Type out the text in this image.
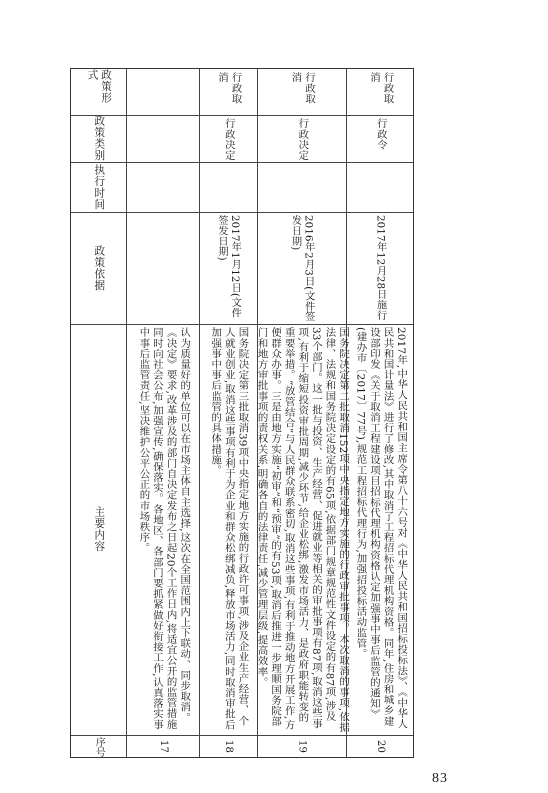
政策形式
政策类别
执行时间
政策依据
主要内容
序号
认为质量好的单位可以在市场主体自主选择,这次在全国范围内上下联动、同步取消。《决定》要求,改革涉及的部门自决定发布之日起20个工作日内,将适宜公开的监管措施同时向社会公布,加强宣传,确保落实。各地区、各部门要抓紧做好衔接工作,认真落实事中事后监管责任,坚决维护公平公正的市场秩序。
17
行政取消
行政决定
2017年1月12日(文件签发日期)
国务院决定第三批取消39项中央指定地方实施的行政许可事项,涉及企业生产经营、个人就业创业,取消这些事项有利于为企业和群众松绑减负,释放市场活力,同时取消审批后加强事中事后监管的具体措施。
18
行政取消
行政决定
2016年2月3日(文件签发日期)
国务院决定第二批取消152项中央指定地方实施的行政审批事项。本次取消的事项,依据法律、法规和国务院决定设定的有65项,依据部门规章规范性文件设定的有87项,涉及33个部门。这一批与投资、生产经营、促进就业等相关的审批事项有87项,取消这些事项,有利于缩短投资审批周期,减少环节,给企业松绑,激发市场活力、是政府职能转变的重要举措。“放管结合”与人民群众联系密切,取消这些事项,有利于推动地方开展工作,方便群众办事。三是由地方实施“初审”和“预审”的有53项,取消后推进一步理顺国务院部门和地方审批事项的责权关系,明确各自的法律责任,减少管理层级,提高效率。
19
行政取消
行政令
2017年12月28日施行
2017年,中华人民共和国主席令第八十六号对《中华人民共和国招标投标法》、《中华人民共和国计量法》进行了修改,其中取消了工程招标代理机构资格。同年,住房和城乡建设部印发《关于取消工程建设项目招标代理机构资格认定加强事中事后监管的通知》(建办市〔2017〕77号),规范工程招标代理行为,加强招投标活动监管。
20
83
